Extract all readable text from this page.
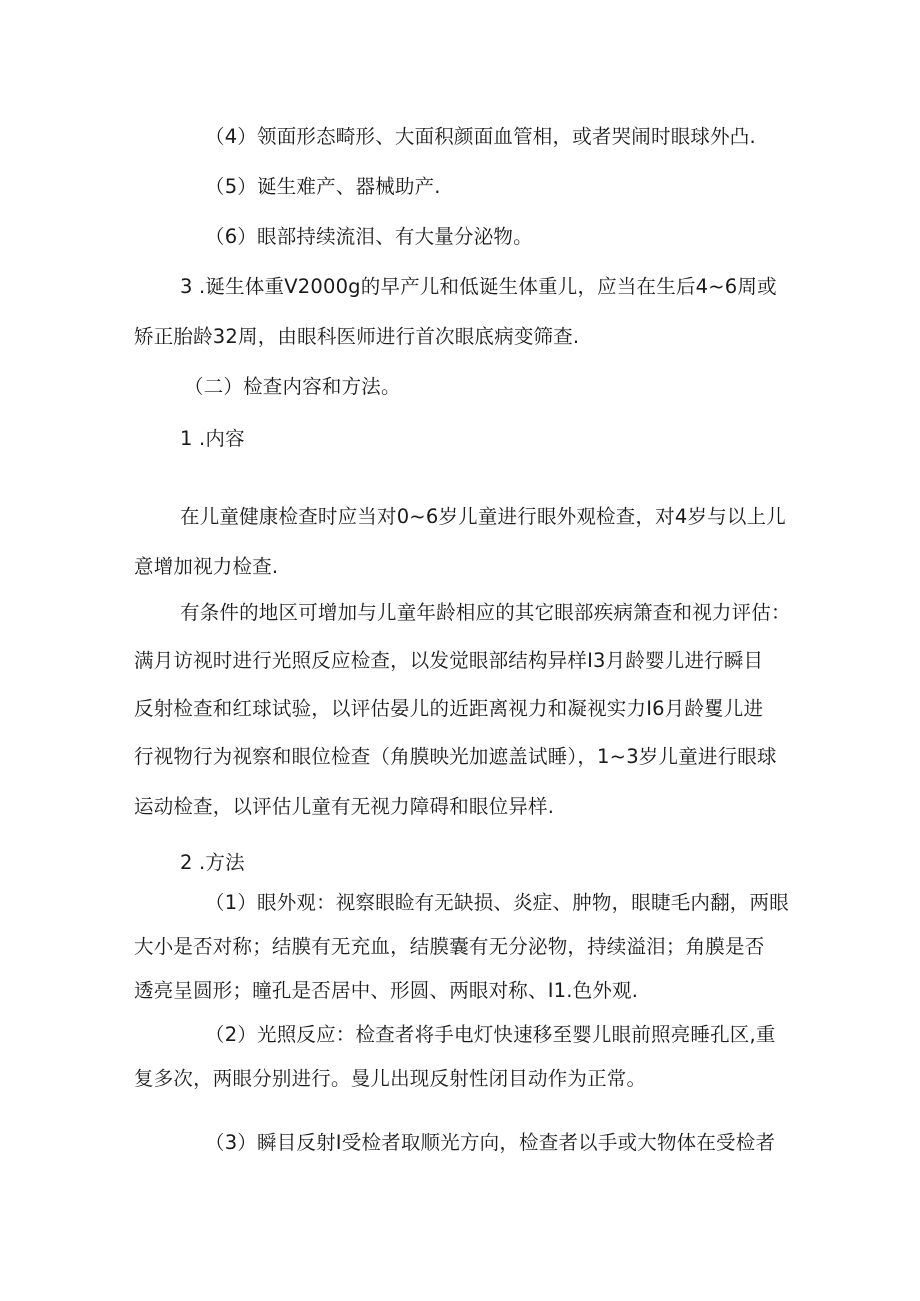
（4）领面形态畸形、大面积颜面血管相，或者哭闹时眼球外凸.
（5）诞生难产、器械助产.
（6）眼部持续流泪、有大量分泌物。
3 .诞生体重V2000g的早产儿和低诞生体重儿，应当在生后4~6周或
矫正胎龄32周，由眼科医师进行首次眼底病变筛查.
（二）检查内容和方法。
1 .内容
在儿童健康检查时应当对0~6岁儿童进行眼外观检查，对4岁与以上儿
意增加视力检查.
有条件的地区可增加与儿童年龄相应的其它眼部疾病箫查和视力评估：
满月访视时进行光照反应检查，以发觉眼部结构异样I3月龄婴儿进行瞬目
反射检查和红球试验，以评估晏儿的近距离视力和凝视实力I6月龄矍儿进
行视物行为视察和眼位检查（角膜映光加遮盖试睡），1~3岁儿童进行眼球
运动检查，以评估儿童有无视力障碍和眼位异样.
2 .方法
（1）眼外观：视察眼睑有无缺损、炎症、肿物，眼睫毛内翻，两眼
大小是否对称；结膜有无充血，结膜囊有无分泌物，持续溢泪；角膜是否
透亮呈圆形；瞳孔是否居中、形圆、两眼对称、I1.色外观.
（2）光照反应：检查者将手电灯快速移至婴儿眼前照亮睡孔区,重
复多次，两眼分别进行。曼儿出现反射性闭目动作为正常。
（3）瞬目反射I受检者取顺光方向，检查者以手或大物体在受检者
